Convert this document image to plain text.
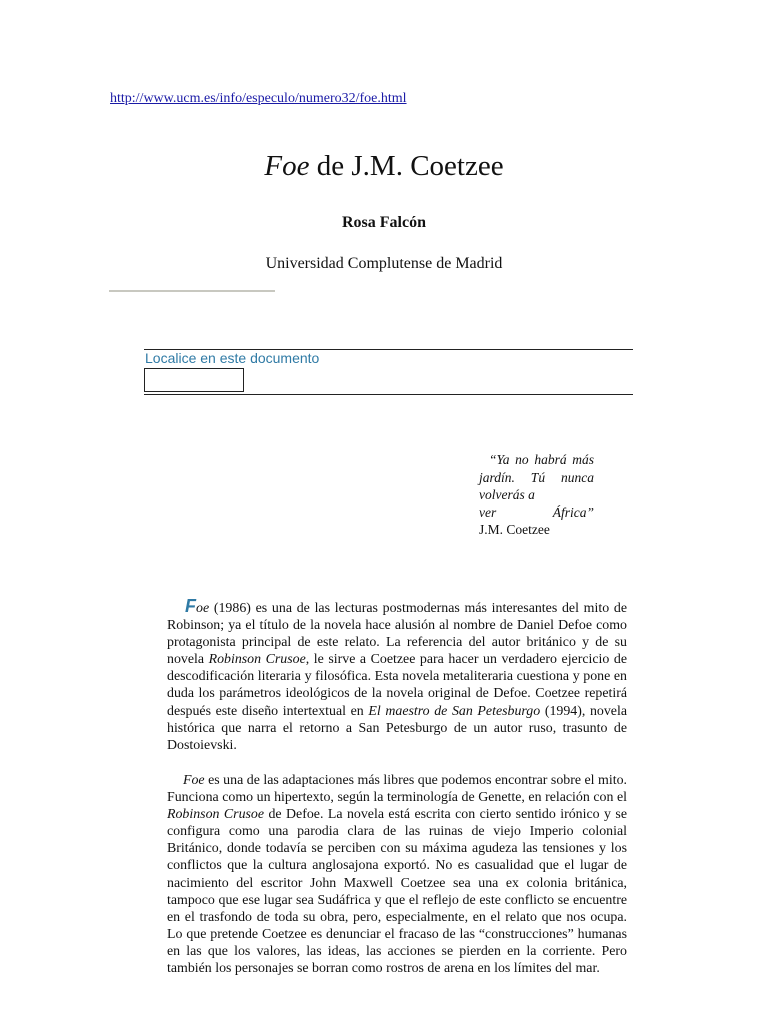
http://www.ucm.es/info/especulo/numero32/foe.html
Foe de J.M. Coetzee
Rosa Falcón
Universidad Complutense de Madrid
Localice en este documento
“Ya no habrá más jardín. Tú nunca volverás a
ver África”
J.M. Coetzee

Foe (1986) es una de las lecturas postmodernas más interesantes del mito de Robinson; ya el título de la novela hace alusión al nombre de Daniel Defoe como protagonista principal de este relato. La referencia del autor británico y de su novela Robinson Crusoe, le sirve a Coetzee para hacer un verdadero ejercicio de descodificación literaria y filosófica. Esta novela metaliteraria cuestiona y pone en duda los parámetros ideológicos de la novela original de Defoe. Coetzee repetirá después este diseño intertextual en El maestro de San Petesburgo (1994), novela histórica que narra el retorno a San Petesburgo de un autor ruso, trasunto de Dostoievski.

Foe es una de las adaptaciones más libres que podemos encontrar sobre el mito. Funciona como un hipertexto, según la terminología de Genette, en relación con el Robinson Crusoe de Defoe. La novela está escrita con cierto sentido irónico y se configura como una parodia clara de las ruinas de viejo Imperio colonial Británico, donde todavía se perciben con su máxima agudeza las tensiones y los conflictos que la cultura anglosajona exportó. No es casualidad que el lugar de nacimiento del escritor John Maxwell Coetzee sea una ex colonia británica, tampoco que ese lugar sea Sudáfrica y que el reflejo de este conflicto se encuentre en el trasfondo de toda su obra, pero, especialmente, en el relato que nos ocupa. Lo que pretende Coetzee es denunciar el fracaso de las “construcciones” humanas en las que los valores, las ideas, las acciones se pierden en la corriente. Pero también los personajes se borran como rostros de arena en los límites del mar.
